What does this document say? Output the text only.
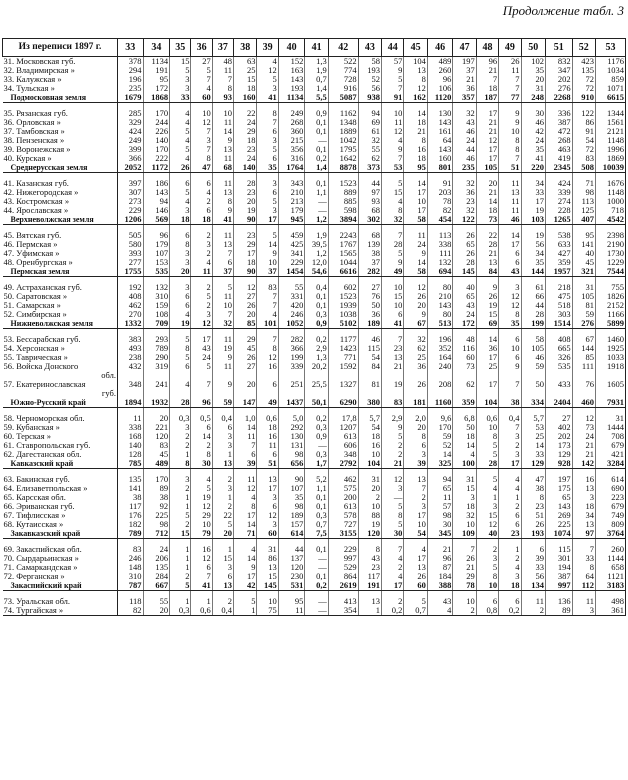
Продолжение табл. 3
Из переписи 1897 г.	33	34	35	36	37	38	39	40	41	42	43	44	45	46	47	48	49	50	51	52	53
31. Московская губ.	378	1134	15	27	48	63	4	152	1,3	522	58	57	104	489	197	96	26	102	832	423	1176
32. Владимирская »	294	191	5	5	11	25	12	163	1,9	774	193	9	13	260	37	21	11	35	347	135	1034
33. Калужская »	196	95	3	7	7	15	5	143	0,7	728	52	5	8	96	21	7	7	20	202	72	859
34. Тульская »	235	172	3	4	8	18	3	193	1,4	916	56	7	12	106	36	18	7	31	276	72	1071
Подмосковная земля	1679	1868	33	60	93	160	41	1134	5,5	5087	938	91	162	1120	357	187	77	248	2268	910	6615

35. Рязанская губ.	285	170	4	10	10	22	8	249	0,9	1162	94	10	14	130	32	17	9	30	336	122	1344
36. Орловская »	329	244	4	12	11	24	7	268	0,1	1348	69	11	18	143	43	21	9	46	387	86	1561
37. Тамбовская »	424	226	5	7	14	29	6	360	0,1	1889	61	12	21	161	46	21	10	42	472	91	2121
38. Пензенская »	249	140	4	3	9	18	3	215	—	1042	32	4	8	64	24	12	8	24	268	54	1148
39. Воронежская »	399	170	5	7	13	23	5	356	0,1	1795	55	9	16	143	44	17	8	35	463	72	1996
40. Курская »	366	222	4	8	11	24	6	316	0,2	1642	62	7	18	160	46	17	7	41	419	83	1869
Среднерусская земля	2052	1172	26	47	68	140	35	1764	1,4	8878	373	53	95	801	235	105	51	220	2345	508	10039

41. Казанская губ.	397	186	6	6	11	28	3	343	0,1	1523	44	5	14	91	32	20	11	34	424	71	1676
42. Нижегородская »	307	143	5	4	13	23	6	210	1,1	889	97	15	17	203	36	21	13	33	339	98	1148
43. Костромская »	273	94	4	2	8	20	5	213	—	885	93	4	10	78	23	14	11	17	274	113	1000
44. Ярославская »	229	146	3	6	9	19	3	179	—	598	68	8	17	82	32	18	11	19	228	125	718
Верхневолжская земля	1206	569	18	18	41	90	17	945	1,2	3894	302	32	58	454	122	73	46	103	1265	407	4542

45. Вятская губ.	505	96	6	2	11	23	5	459	1,9	2243	68	7	11	113	26	22	14	19	538	95	2398
46. Пермская »	580	179	8	3	13	29	14	425	39,5	1767	139	28	24	338	65	28	17	56	633	141	2190
47. Уфимская »	393	107	3	2	7	17	9	341	1,2	1565	38	5	9	111	26	21	6	34	427	40	1730
48. Оренбургская »	277	153	3	4	6	18	10	229	12,0	1044	37	9	14	132	28	13	6	35	359	45	1229
Пермская земля	1755	535	20	11	37	90	37	1454	54,6	6616	282	49	58	694	145	84	43	144	1957	321	7544

49. Астраханская губ.	192	132	3	2	5	12	83	55	0,4	602	27	10	12	80	40	9	3	61	218	31	755
50. Саратовская »	408	310	6	5	11	27	7	331	0,1	1523	76	15	26	210	65	26	12	66	475	105	1826
51. Самарская »	462	159	6	2	10	26	7	420	0,1	1939	50	10	20	143	43	19	12	44	518	81	2152
52. Симбирская »	270	108	4	3	7	20	4	246	0,3	1038	36	6	9	80	24	15	8	28	303	59	1166
Нижневолжская земля	1332	709	19	12	32	85	101	1052	0,9	5102	189	41	67	513	172	69	35	199	1514	276	5899

53. Бессарабская губ.	383	293	5	17	11	29	7	282	0,2	1177	46	7	32	196	48	14	6	58	408	67	1460
54. Херсонская »	493	789	8	43	19	45	8	366	2,9	1423	115	23	62	352	116	36	10	105	665	144	1925
55. Таврическая »	238	290	5	24	9	26	12	199	1,3	771	54	13	25	164	60	17	6	46	326	85	1033
56. Войска Донского	432	319	6	5	11	27	16	339	20,2	1592	84	21	36	240	73	25	9	59	535	111	1918
обл.																					
57. Екатеринославская	348	241	4	7	9	20	6	251	25,5	1327	81	19	26	208	62	17	7	50	433	76	1605
губ.																					
Южно-Русский край	1894	1932	28	96	59	147	49	1437	50,1	6290	380	83	181	1160	359	104	38	334	2404	460	7931

58. Черноморская обл.	11	20	0,3	0,5	0,4	1,0	0,6	5,0	0,2	17,8	5,7	2,9	2,0	9,6	6,8	0,6	0,4	5,7	27	12	31
59. Кубанская »	338	221	3	6	6	14	18	292	0,3	1207	54	9	20	170	50	10	7	53	402	73	1444
60. Терская »	168	120	2	14	3	11	16	130	0,9	613	18	5	8	59	18	8	3	25	202	24	708
61. Ставропольская губ.	140	83	2	2	3	7	11	131	—	606	16	2	6	52	14	5	2	14	173	21	679
62. Дагестанская обл.	128	45	1	8	1	6	6	98	0,3	348	10	2	3	14	4	5	3	33	129	21	421
Кавказский край	785	489	8	30	13	39	51	656	1,7	2792	104	21	39	325	100	28	17	129	928	142	3284

63. Бакинская губ.	135	170	3	4	2	11	13	90	5,2	462	31	12	13	94	31	5	4	47	197	16	614
64. Елизаветпольская »	141	89	2	5	3	12	17	107	1,1	575	20	3	7	65	15	4	4	38	175	13	690
65. Карсская обл.	38	38	1	19	1	4	3	35	0,1	200	2	—	2	11	3	1	1	8	65	3	223
66. Эриванская губ.	117	92	1	12	2	8	6	98	0,1	613	10	5	3	57	18	3	2	23	143	18	679
67. Тифлисская »	176	225	5	29	22	17	12	189	0,3	578	88	8	17	98	32	15	6	51	269	34	749
68. Кутаисская »	182	98	2	10	5	14	3	157	0,7	727	19	5	10	30	10	12	6	26	225	13	809
Закавказский край	789	712	15	79	20	71	60	614	7,5	3155	120	30	54	345	109	40	23	193	1074	97	3764

69. Закаспийская обл.	83	24	1	16	1	4	31	44	0,1	229	8	7	4	21	7	2	1	6	115	7	260
70. Сырдарьинская »	246	206	1	12	15	14	86	137	—	997	43	4	17	96	26	3	2	39	301	33	1144
71. Самаркандская »	148	135	1	6	3	9	13	120	—	529	23	2	13	87	21	5	4	33	194	8	658
72. Ферганская »	310	284	2	7	6	17	15	230	0,1	864	117	4	26	184	29	8	3	56	387	64	1121
Закаспийский край	787	667	5	41	13	42	145	531	0,2	2619	191	17	60	388	78	10	18	134	997	112	3183

73. Уральская обл.	118	55	1	1	2	5	10	95	—	413	13	2	5	43	10	6	6	11	136	11	498
74. Тургайская »	82	20	0,3	0,6	0,4	1	75	11	—	354	1	0,2	0,7	4	2	0,8	0,2	2	89	3	361
